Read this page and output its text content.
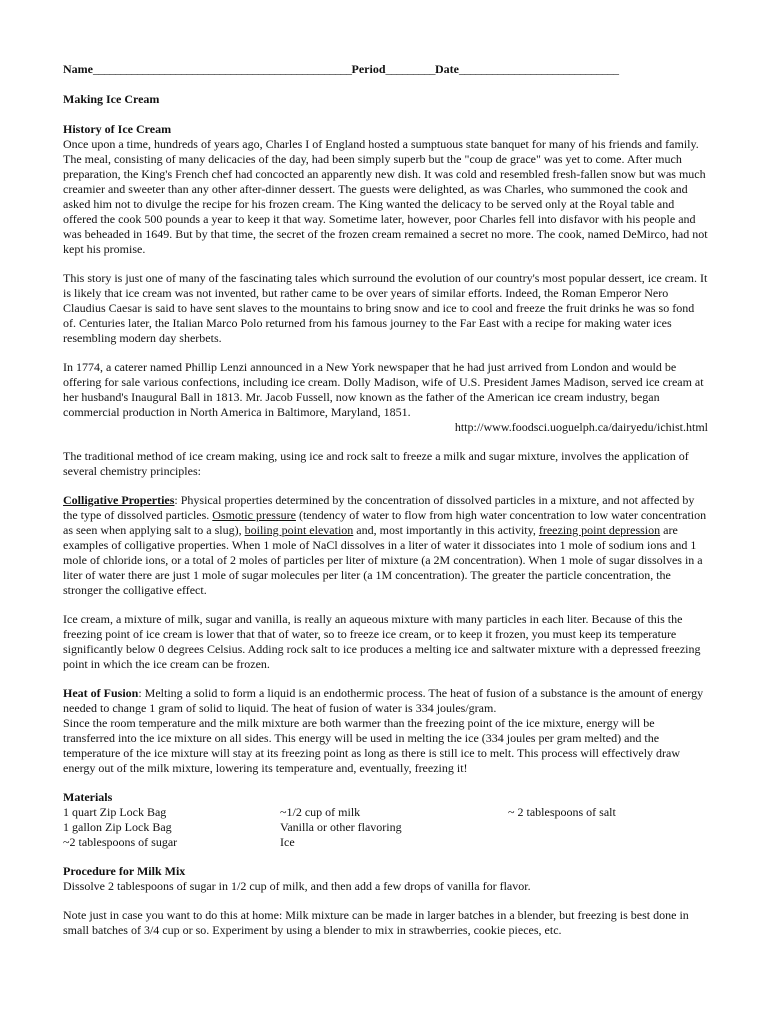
Name_______________________________________________Period_________Date_____________________________
Making Ice Cream
History of Ice Cream

Once upon a time, hundreds of years ago, Charles I of England hosted a sumptuous state banquet for many of his friends and family. The meal, consisting of many delicacies of the day, had been simply superb but the "coup de grace" was yet to come. After much preparation, the King's French chef had concocted an apparently new dish. It was cold and resembled fresh-fallen snow but was much creamier and sweeter than any other after-dinner dessert. The guests were delighted, as was Charles, who summoned the cook and asked him not to divulge the recipe for his frozen cream. The King wanted the delicacy to be served only at the Royal table and offered the cook 500 pounds a year to keep it that way. Sometime later, however, poor Charles fell into disfavor with his people and was beheaded in 1649. But by that time, the secret of the frozen cream remained a secret no more. The cook, named DeMirco, had not kept his promise.

This story is just one of many of the fascinating tales which surround the evolution of our country's most popular dessert, ice cream. It is likely that ice cream was not invented, but rather came to be over years of similar efforts. Indeed, the Roman Emperor Nero Claudius Caesar is said to have sent slaves to the mountains to bring snow and ice to cool and freeze the fruit drinks he was so fond of. Centuries later, the Italian Marco Polo returned from his famous journey to the Far East with a recipe for making water ices resembling modern day sherbets.

In 1774, a caterer named Phillip Lenzi announced in a New York newspaper that he had just arrived from London and would be offering for sale various confections, including ice cream. Dolly Madison, wife of U.S. President James Madison, served ice cream at her husband's Inaugural Ball in 1813. Mr. Jacob Fussell, now known as the father of the American ice cream industry, began commercial production in North America in Baltimore, Maryland, 1851.

http://www.foodsci.uoguelph.ca/dairyedu/ichist.html

The traditional method of ice cream making, using ice and rock salt to freeze a milk and sugar mixture, involves the application of several chemistry principles:

Colligative Properties: Physical properties determined by the concentration of dissolved particles in a mixture, and not affected by the type of dissolved particles. Osmotic pressure (tendency of water to flow from high water concentration to low water concentration as seen when applying salt to a slug), boiling point elevation and, most importantly in this activity, freezing point depression are examples of colligative properties. When 1 mole of NaCl dissolves in a liter of water it dissociates into 1 mole of sodium ions and 1 mole of chloride ions, or a total of 2 moles of particles per liter of mixture (a 2M concentration). When 1 mole of sugar dissolves in a liter of water there are just 1 mole of sugar molecules per liter (a 1M concentration). The greater the particle concentration, the stronger the colligative effect.

Ice cream, a mixture of milk, sugar and vanilla, is really an aqueous mixture with many particles in each liter. Because of this the freezing point of ice cream is lower that that of water, so to freeze ice cream, or to keep it frozen, you must keep its temperature significantly below 0 degrees Celsius. Adding rock salt to ice produces a melting ice and saltwater mixture with a depressed freezing point in which the ice cream can be frozen.

Heat of Fusion: Melting a solid to form a liquid is an endothermic process. The heat of fusion of a substance is the amount of energy needed to change 1 gram of solid to liquid. The heat of fusion of water is 334 joules/gram.
Since the room temperature and the milk mixture are both warmer than the freezing point of the ice mixture, energy will be transferred into the ice mixture on all sides. This energy will be used in melting the ice (334 joules per gram melted) and the temperature of the ice mixture will stay at its freezing point as long as there is still ice to melt. This process will effectively draw energy out of the milk mixture, lowering its temperature and, eventually, freezing it!

Materials
1 quart Zip Lock Bag
1 gallon Zip Lock Bag
~2 tablespoons of sugar
~1/2 cup of milk
Vanilla or other flavoring
Ice
~ 2 tablespoons of salt
Procedure for Milk Mix

Dissolve 2 tablespoons of sugar in 1/2 cup of milk, and then add a few drops of vanilla for flavor.

Note just in case you want to do this at home: Milk mixture can be made in larger batches in a blender, but freezing is best done in small batches of 3/4 cup or so. Experiment by using a blender to mix in strawberries, cookie pieces, etc.
